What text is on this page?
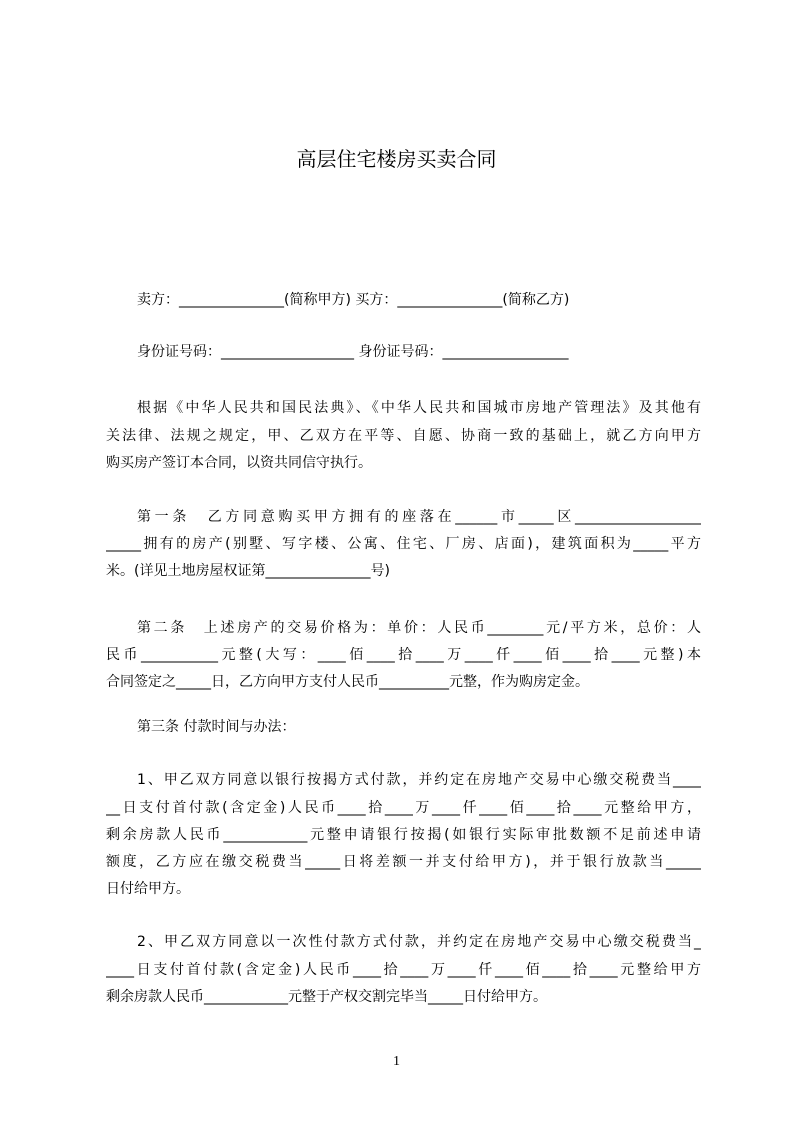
高层住宅楼房买卖合同
卖方：_______________(简称甲方) 买方：_______________(简称乙方)
身份证号码：___________________ 身份证号码：__________________
根据《中华人民共和国民法典》、《中华人民共和国城市房地产管理法》及其他有
关法律、法规之规定，甲、乙双方在平等、自愿、协商一致的基础上，就乙方向甲方
购买房产签订本合同，以资共同信守执行。
第一条　乙方同意购买甲方拥有的座落在______市_____区__________________
_____拥有的房产(别墅、写字楼、公寓、住宅、厂房、店面)，建筑面积为_____平方
米。(详见土地房屋权证第_______________号)
第二条　上述房产的交易价格为：单价：人民币________元/平方米，总价：人
民币___________元整(大写：____佰____拾____万____仟____佰____拾____元整)本
合同签定之_____日，乙方向甲方支付人民币__________元整，作为购房定金。
第三条 付款时间与办法：
1、甲乙双方同意以银行按揭方式付款，并约定在房地产交易中心缴交税费当____
__日支付首付款(含定金)人民币____拾____万____仟____佰____拾____元整给甲方，
剩余房款人民币____________元整申请银行按揭(如银行实际审批数额不足前述申请
额度，乙方应在缴交税费当_____日将差额一并支付给甲方)，并于银行放款当_____
日付给甲方。
2、甲乙双方同意以一次性付款方式付款，并约定在房地产交易中心缴交税费当_
____日支付首付款(含定金)人民币____拾____万____仟____佰____拾____元整给甲方
剩余房款人民币____________元整于产权交割完毕当_____日付给甲方。
1
